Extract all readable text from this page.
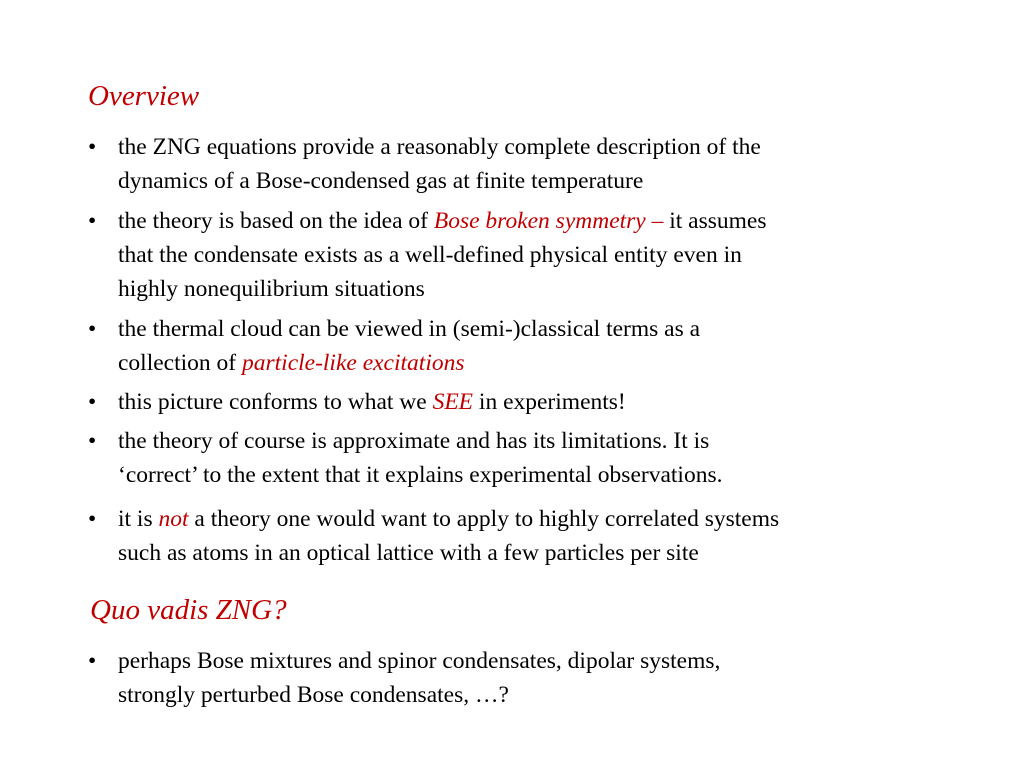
Overview
• the ZNG equations provide a reasonably complete description of the
dynamics of a Bose-condensed gas at finite temperature
• the theory is based on the idea of Bose broken symmetry – it assumes
that the condensate exists as a well-defined physical entity even in
highly nonequilibrium situations
• the thermal cloud can be viewed in (semi-)classical terms as a
collection of particle-like excitations
• this picture conforms to what we SEE in experiments!
• the theory of course is approximate and has its limitations. It is
‘correct’ to the extent that it explains experimental observations.
• it is not a theory one would want to apply to highly correlated systems
such as atoms in an optical lattice with a few particles per site
Quo vadis ZNG?
• perhaps Bose mixtures and spinor condensates, dipolar systems,
strongly perturbed Bose condensates, …?
